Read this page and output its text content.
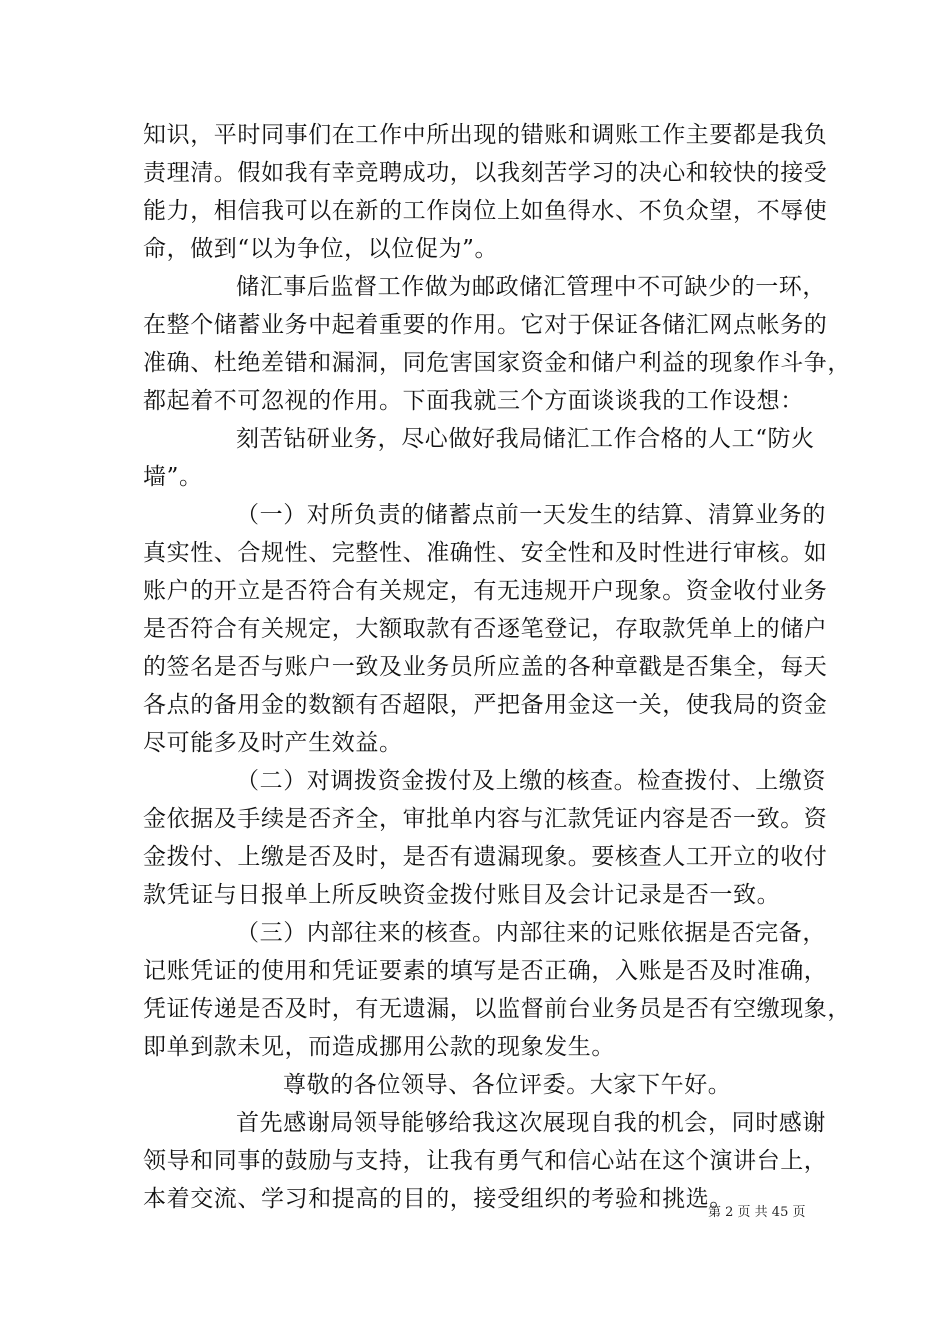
知识，平时同事们在工作中所出现的错账和调账工作主要都是我负
责理清。假如我有幸竞聘成功，以我刻苦学习的决心和较快的接受
能力，相信我可以在新的工作岗位上如鱼得水、不负众望，不辱使
命，做到“以为争位，以位促为”。
储汇事后监督工作做为邮政储汇管理中不可缺少的一环，
在整个储蓄业务中起着重要的作用。它对于保证各储汇网点帐务的
准确、杜绝差错和漏洞，同危害国家资金和储户利益的现象作斗争，
都起着不可忽视的作用。下面我就三个方面谈谈我的工作设想：
刻苦钻研业务，尽心做好我局储汇工作合格的人工“防火
墙”。
（一）对所负责的储蓄点前一天发生的结算、清算业务的
真实性、合规性、完整性、准确性、安全性和及时性进行审核。如
账户的开立是否符合有关规定，有无违规开户现象。资金收付业务
是否符合有关规定，大额取款有否逐笔登记，存取款凭单上的储户
的签名是否与账户一致及业务员所应盖的各种章戳是否集全，每天
各点的备用金的数额有否超限，严把备用金这一关，使我局的资金
尽可能多及时产生效益。
（二）对调拨资金拨付及上缴的核查。检查拨付、上缴资
金依据及手续是否齐全，审批单内容与汇款凭证内容是否一致。资
金拨付、上缴是否及时，是否有遗漏现象。要核查人工开立的收付
款凭证与日报单上所反映资金拨付账目及会计记录是否一致。
（三）内部往来的核查。内部往来的记账依据是否完备，
记账凭证的使用和凭证要素的填写是否正确，入账是否及时准确，
凭证传递是否及时，有无遗漏，以监督前台业务员是否有空缴现象，
即单到款未见，而造成挪用公款的现象发生。
尊敬的各位领导、各位评委。大家下午好。
首先感谢局领导能够给我这次展现自我的机会，同时感谢
领导和同事的鼓励与支持，让我有勇气和信心站在这个演讲台上，
本着交流、学习和提高的目的，接受组织的考验和挑选。
第 2 页 共 45 页
